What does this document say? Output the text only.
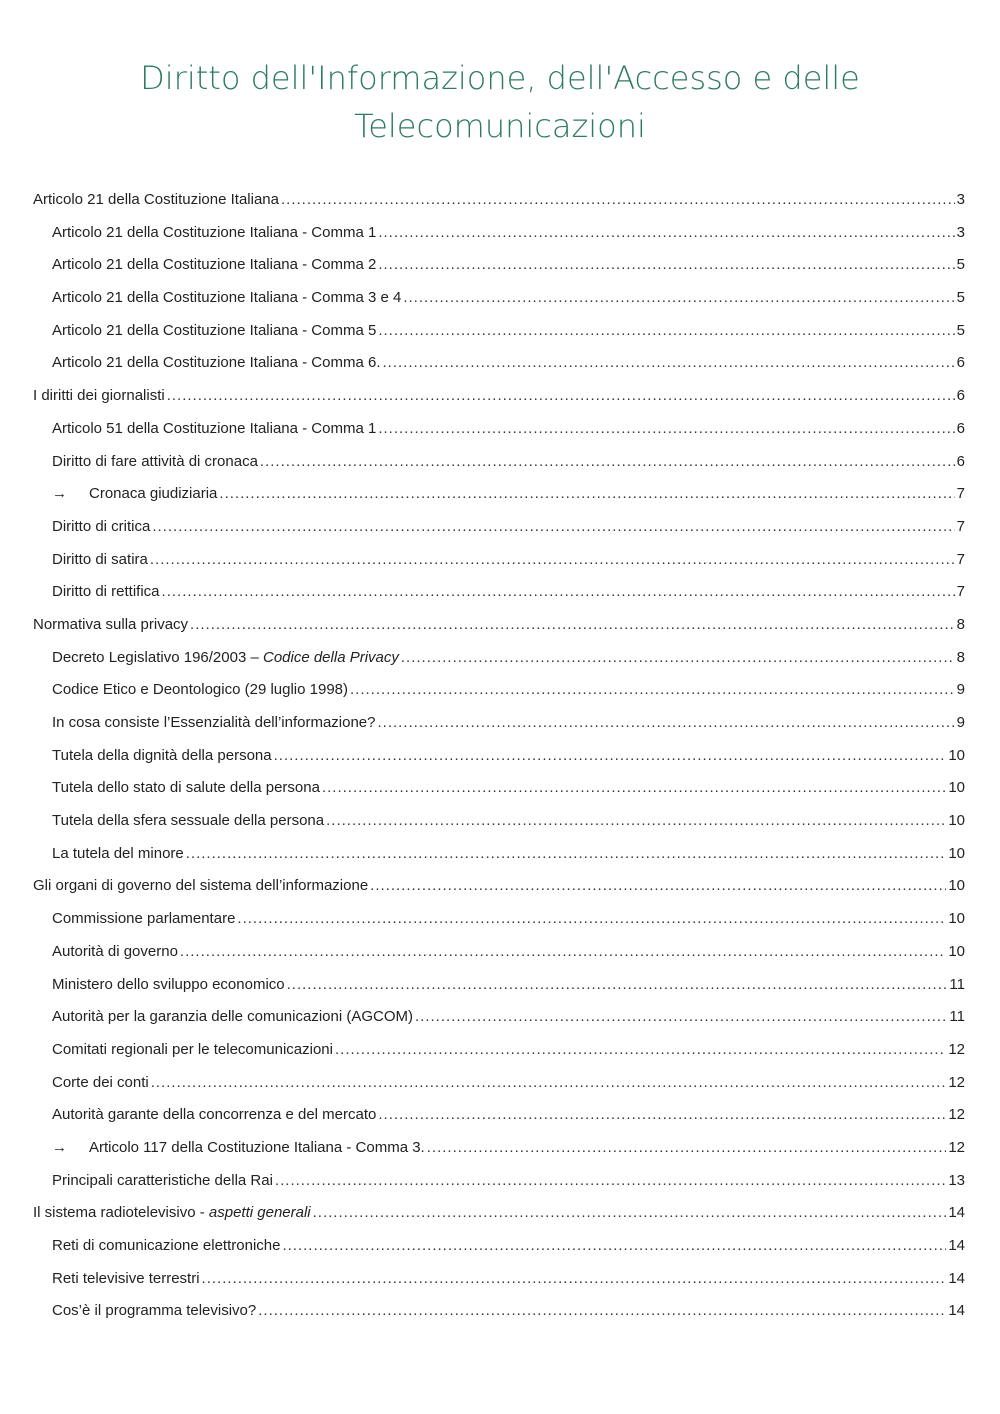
Diritto dell'Informazione, dell'Accesso e delle
Telecomunicazioni
Articolo 21 della Costituzione Italiana .....	3
Articolo 21 della Costituzione Italiana - Comma 1 .....	3
Articolo 21 della Costituzione Italiana - Comma 2 .....	5
Articolo 21 della Costituzione Italiana - Comma 3 e 4 .....	5
Articolo 21 della Costituzione Italiana - Comma 5 .....	5
Articolo 21 della Costituzione Italiana - Comma 6. .....	6
I diritti dei giornalisti .....	6
Articolo 51 della Costituzione Italiana - Comma 1 .....	6
Diritto di fare attività di cronaca .....	6
→	Cronaca giudiziaria .....	7
Diritto di critica .....	7
Diritto di satira .....	7
Diritto di rettifica .....	7
Normativa sulla privacy .....	8
Decreto Legislativo 196/2003 – Codice della Privacy .....	8
Codice Etico e Deontologico (29 luglio 1998) .....	9
In cosa consiste l’Essenzialità dell’informazione? .....	9
Tutela della dignità della persona .....	10
Tutela dello stato di salute della persona .....	10
Tutela della sfera sessuale della persona .....	10
La tutela del minore .....	10
Gli organi di governo del sistema dell’informazione .....	10
Commissione parlamentare .....	10
Autorità di governo .....	10
Ministero dello sviluppo economico .....	11
Autorità per la garanzia delle comunicazioni (AGCOM) .....	11
Comitati regionali per le telecomunicazioni .....	12
Corte dei conti .....	12
Autorità garante della concorrenza e del mercato .....	12
→	Articolo 117 della Costituzione Italiana - Comma 3. .....	12
Principali caratteristiche della Rai .....	13
Il sistema radiotelevisivo - aspetti generali .....	14
Reti di comunicazione elettroniche .....	14
Reti televisive terrestri .....	14
Cos’è il programma televisivo? .....	14
